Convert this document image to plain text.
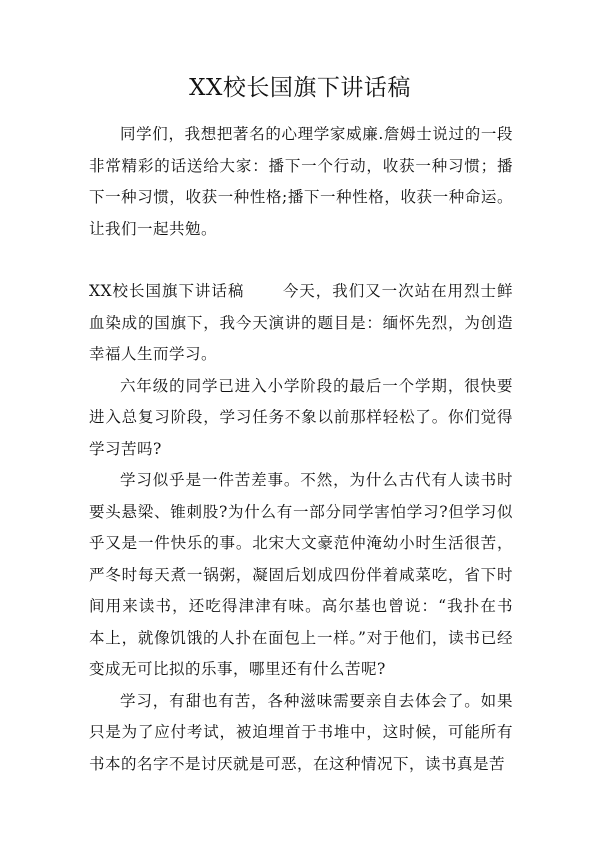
XX校长国旗下讲话稿

同学们，我想把著名的心理学家威廉.詹姆士说过的一段非常精彩的话送给大家：播下一个行动，收获一种习惯；播下一种习惯，收获一种性格;播下一种性格，收获一种命运。让我们一起共勉。

XX校长国旗下讲话稿 今天，我们又一次站在用烈士鲜血染成的国旗下，我今天演讲的题目是：缅怀先烈，为创造幸福人生而学习。

六年级的同学已进入小学阶段的最后一个学期，很快要进入总复习阶段，学习任务不象以前那样轻松了。你们觉得学习苦吗?

学习似乎是一件苦差事。不然，为什么古代有人读书时要头悬梁、锥刺股?为什么有一部分同学害怕学习?但学习似乎又是一件快乐的事。北宋大文豪范仲淹幼小时生活很苦，严冬时每天煮一锅粥，凝固后划成四份伴着咸菜吃，省下时间用来读书，还吃得津津有味。高尔基也曾说：“我扑在书本上，就像饥饿的人扑在面包上一样。”对于他们，读书已经变成无可比拟的乐事，哪里还有什么苦呢?

学习，有甜也有苦，各种滋味需要亲自去体会了。如果只是为了应付考试，被迫埋首于书堆中，这时候，可能所有书本的名字不是讨厌就是可恶，在这种情况下，读书真是苦
